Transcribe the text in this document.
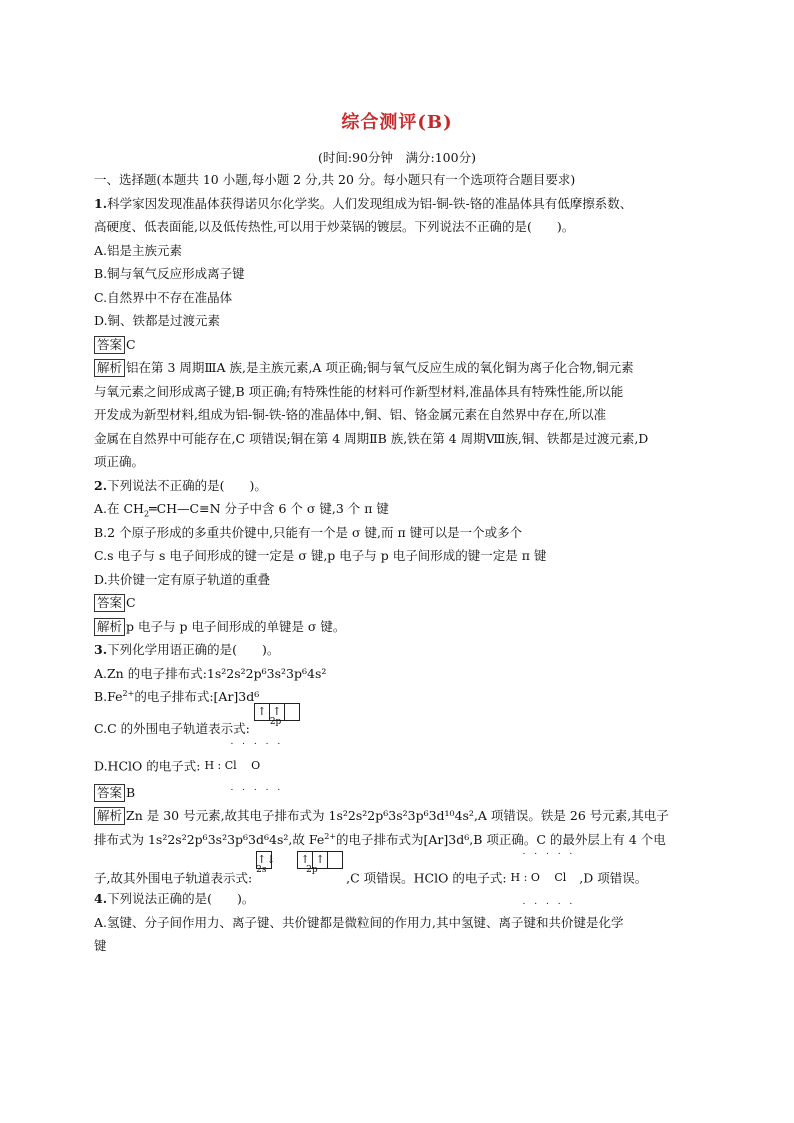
综合测评(B)
(时间:90分钟　满分:100分)
一、选择题(本题共 10 小题,每小题 2 分,共 20 分。每小题只有一个选项符合题目要求)
1.科学家因发现准晶体获得诺贝尔化学奖。人们发现组成为铝-铜-铁-铬的准晶体具有低摩擦系数、
高硬度、低表面能,以及低传热性,可以用于炒菜锅的镀层。下列说法不正确的是(　　)。
A.铝是主族元素
B.铜与氧气反应形成离子键
C.自然界中不存在准晶体
D.铜、铁都是过渡元素
答案 C
解析 铝在第 3 周期ⅢA 族,是主族元素,A 项正确;铜与氧气反应生成的氧化铜为离子化合物,铜元素
与氧元素之间形成离子键,B 项正确;有特殊性能的材料可作新型材料,准晶体具有特殊性能,所以能
开发成为新型材料,组成为铝-铜-铁-铬的准晶体中,铜、铝、铬金属元素在自然界中存在,所以准
金属在自然界中可能存在,C 项错误;铜在第 4 周期ⅡB 族,铁在第 4 周期Ⅷ族,铜、铁都是过渡元素,D
项正确。
2.下列说法不正确的是(　　)。
A.在 $CH_2═CH—C\equiv N$ 分子中含 6 个 σ 键,3 个 π 键
B.2 个原子形成的多重共价键中,只能有一个是 σ 键,而 π 键可以是一个或多个
C.s 电子与 s 电子间形成的键一定是 σ 键,p 电子与 p 电子间形成的键一定是 π 键
D.共价键一定有原子轨道的重叠
答案 C
解析 p 电子与 p 电子间形成的单键是 σ 键。
3.下列化学用语正确的是(　　)。
A.Zn 的电子排布式:1s²2s²2p⁶3s²3p⁶4s²
$B.Fe^{2+}$的电子排布式:[Ar]3d⁶
C.C 的外围电子轨道表示式: ↑ ↑
2p
D.HClO 的电子式:
. . . . .
H : Cl 　 O
. . . . .
答案 B
解析 Zn 是 30 号元素,故其电子排布式为 1s²2s²2p⁶3s²3p⁶3d¹⁰4s²,A 项错误。铁是 26 号元素,其电子
排布式为 1s²2s²2p⁶3s²3p⁶3d⁶4s²,故 $Fe^{2+}$的电子排布式为[Ar]3d⁶,B 项正确。C 的最外层上有 4 个电
子,故其外围电子轨道表示式: ↑↓ ↑ ↑
2s	2p
,C 项错误。HClO 的电子式:
. . . . .
H : O 　 Cl
. . . . .
,D 项错误。
4.下列说法正确的是(　　)。
A.氢键、分子间作用力、离子键、共价键都是微粒间的作用力,其中氢键、离子键和共价键是化学
键
